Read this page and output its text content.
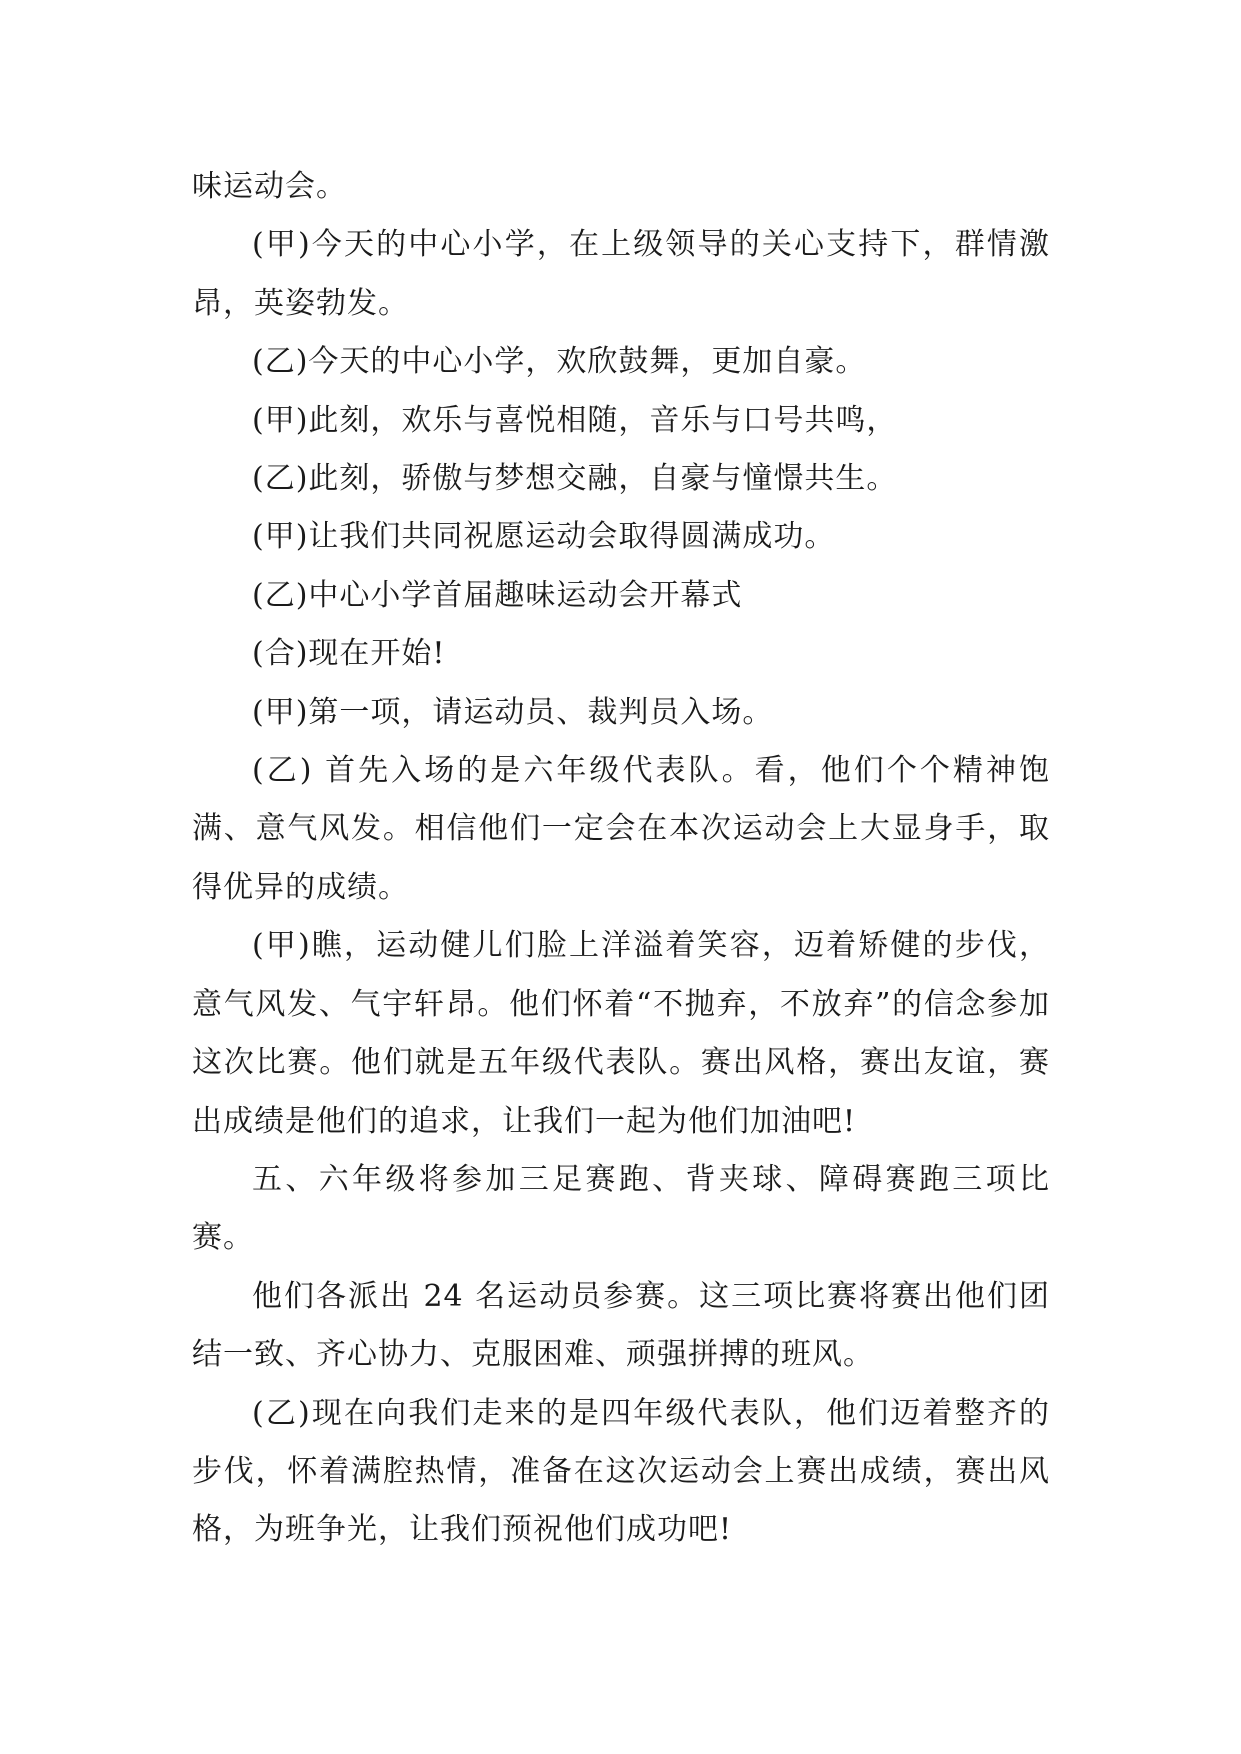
味运动会。

(甲)今天的中心小学，在上级领导的关心支持下，群情激昂，英姿勃发。

(乙)今天的中心小学，欢欣鼓舞，更加自豪。

(甲)此刻，欢乐与喜悦相随，音乐与口号共鸣，

(乙)此刻，骄傲与梦想交融，自豪与憧憬共生。

(甲)让我们共同祝愿运动会取得圆满成功。

(乙)中心小学首届趣味运动会开幕式

(合)现在开始!

(甲)第一项，请运动员、裁判员入场。

(乙) 首先入场的是六年级代表队。看，他们个个精神饱满、意气风发。相信他们一定会在本次运动会上大显身手，取得优异的成绩。

(甲)瞧，运动健儿们脸上洋溢着笑容，迈着矫健的步伐，意气风发、气宇轩昂。他们怀着“不抛弃，不放弃”的信念参加这次比赛。他们就是五年级代表队。赛出风格，赛出友谊，赛出成绩是他们的追求，让我们一起为他们加油吧!

五、六年级将参加三足赛跑、背夹球、障碍赛跑三项比赛。

他们各派出 24 名运动员参赛。这三项比赛将赛出他们团结一致、齐心协力、克服困难、顽强拼搏的班风。

(乙)现在向我们走来的是四年级代表队，他们迈着整齐的步伐，怀着满腔热情，准备在这次运动会上赛出成绩，赛出风格，为班争光，让我们预祝他们成功吧!
